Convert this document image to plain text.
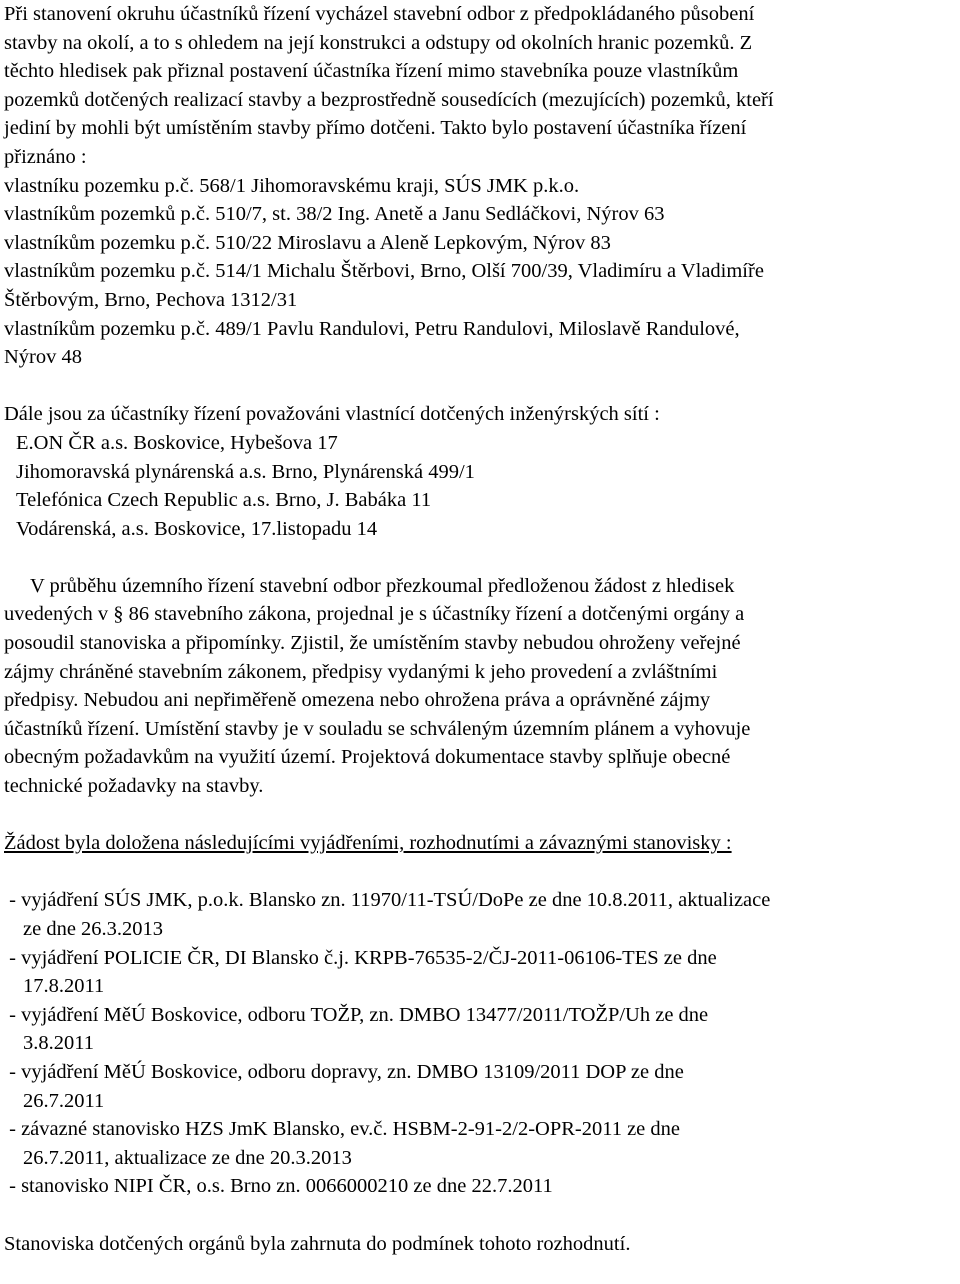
Při stanovení okruhu účastníků řízení vycházel stavební odbor z předpokládaného působení
stavby na okolí, a to s ohledem na její konstrukci a odstupy od okolních hranic pozemků. Z
těchto hledisek pak přiznal postavení účastníka řízení mimo stavebníka pouze vlastníkům
pozemků dotčených realizací stavby a bezprostředně sousedících (mezujících) pozemků, kteří
jediní by mohli být umístěním stavby přímo dotčeni. Takto bylo postavení účastníka řízení
přiznáno :
vlastníku pozemku p.č. 568/1 Jihomoravskému kraji, SÚS JMK p.k.o.
vlastníkům pozemků p.č. 510/7, st. 38/2 Ing. Anetě a Janu Sedláčkovi, Nýrov 63
vlastníkům pozemku p.č. 510/22 Miroslavu a Aleně Lepkovým, Nýrov 83
vlastníkům pozemku p.č. 514/1 Michalu Štěrbovi, Brno, Olší 700/39, Vladimíru a Vladimíře
Štěrbovým, Brno, Pechova 1312/31
vlastníkům pozemku p.č. 489/1 Pavlu Randulovi, Petru Randulovi, Miloslavě Randulové,
Nýrov 48
Dále jsou za účastníky řízení považováni vlastnící dotčených inženýrských sítí :
E.ON ČR a.s. Boskovice, Hybešova 17
Jihomoravská plynárenská a.s. Brno, Plynárenská 499/1
Telefónica Czech Republic a.s. Brno, J. Babáka 11
Vodárenská, a.s. Boskovice, 17.listopadu 14
V průběhu územního řízení stavební odbor přezkoumal předloženou žádost z hledisek
uvedených v § 86 stavebního zákona, projednal je s účastníky řízení a dotčenými orgány a
posoudil stanoviska a připomínky. Zjistil, že umístěním stavby nebudou ohroženy veřejné
zájmy chráněné stavebním zákonem, předpisy vydanými k jeho provedení a zvláštními
předpisy. Nebudou ani nepřiměřeně omezena nebo ohrožena práva a oprávněné zájmy
účastníků řízení. Umístění stavby je v souladu se schváleným územním plánem a vyhovuje
obecným požadavkům na využití území. Projektová dokumentace stavby splňuje obecné
technické požadavky na stavby.
Žádost byla doložena následujícími vyjádřeními, rozhodnutími a závaznými stanovisky :
- vyjádření SÚS JMK, p.o.k. Blansko zn. 11970/11-TSÚ/DoPe ze dne 10.8.2011, aktualizace
ze dne 26.3.2013
- vyjádření POLICIE ČR, DI Blansko č.j. KRPB-76535-2/ČJ-2011-06106-TES ze dne
17.8.2011
- vyjádření MěÚ Boskovice, odboru TOŽP, zn. DMBO 13477/2011/TOŽP/Uh ze dne
3.8.2011
- vyjádření MěÚ Boskovice, odboru dopravy, zn. DMBO 13109/2011 DOP ze dne
26.7.2011
- závazné stanovisko HZS JmK Blansko, ev.č. HSBM-2-91-2/2-OPR-2011 ze dne
26.7.2011, aktualizace ze dne 20.3.2013
- stanovisko NIPI ČR, o.s. Brno zn. 0066000210 ze dne 22.7.2011
Stanoviska dotčených orgánů byla zahrnuta do podmínek tohoto rozhodnutí.
